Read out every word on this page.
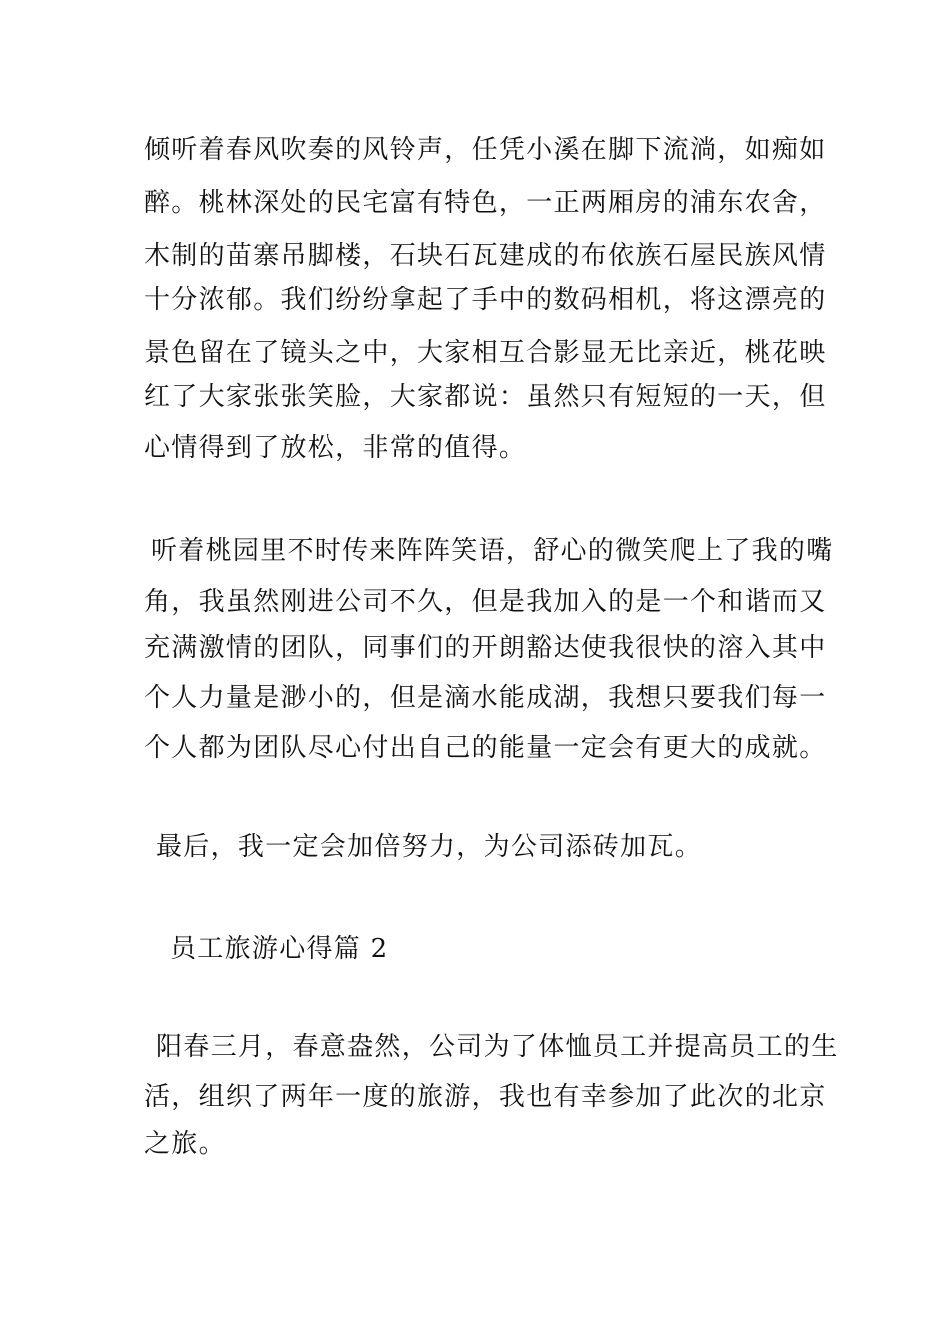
倾听着春风吹奏的风铃声，任凭小溪在脚下流淌，如痴如
醉。桃林深处的民宅富有特色，一正两厢房的浦东农舍，
木制的苗寨吊脚楼，石块石瓦建成的布依族石屋民族风情
十分浓郁。我们纷纷拿起了手中的数码相机，将这漂亮的
景色留在了镜头之中，大家相互合影显无比亲近，桃花映
红了大家张张笑脸，大家都说：虽然只有短短的一天，但
心情得到了放松，非常的值得。
听着桃园里不时传来阵阵笑语，舒心的微笑爬上了我的嘴
角，我虽然刚进公司不久，但是我加入的是一个和谐而又
充满激情的团队，同事们的开朗豁达使我很快的溶入其中
个人力量是渺小的，但是滴水能成湖，我想只要我们每一
个人都为团队尽心付出自己的能量一定会有更大的成就。
最后，我一定会加倍努力，为公司添砖加瓦。
员工旅游心得篇 2
阳春三月，春意盎然，公司为了体恤员工并提高员工的生
活，组织了两年一度的旅游，我也有幸参加了此次的北京
之旅。
